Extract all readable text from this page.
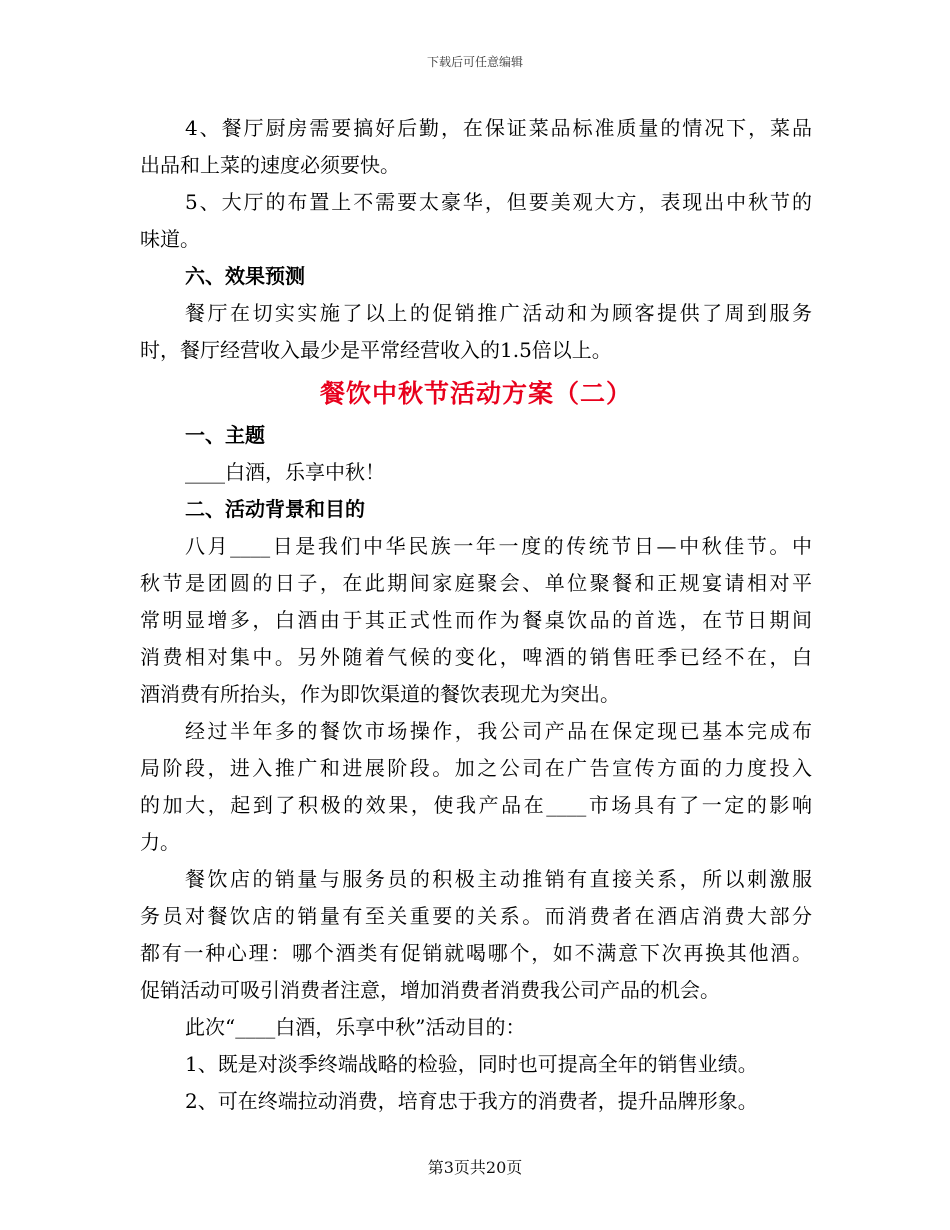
下载后可任意编辑
4、餐厅厨房需要搞好后勤，在保证菜品标准质量的情况下，菜品
出品和上菜的速度必须要快。
5、大厅的布置上不需要太豪华，但要美观大方，表现出中秋节的
味道。
六、效果预测
餐厅在切实实施了以上的促销推广活动和为顾客提供了周到服务
时，餐厅经营收入最少是平常经营收入的1.5倍以上。
餐饮中秋节活动方案（二）
一、主题
____白酒，乐享中秋！
二、活动背景和目的
八月____日是我们中华民族一年一度的传统节日—中秋佳节。中
秋节是团圆的日子，在此期间家庭聚会、单位聚餐和正规宴请相对平
常明显增多，白酒由于其正式性而作为餐桌饮品的首选，在节日期间
消费相对集中。另外随着气候的变化，啤酒的销售旺季已经不在，白
酒消费有所抬头，作为即饮渠道的餐饮表现尤为突出。
经过半年多的餐饮市场操作，我公司产品在保定现已基本完成布
局阶段，进入推广和进展阶段。加之公司在广告宣传方面的力度投入
的加大，起到了积极的效果，使我产品在____市场具有了一定的影响
力。
餐饮店的销量与服务员的积极主动推销有直接关系，所以刺激服
务员对餐饮店的销量有至关重要的关系。而消费者在酒店消费大部分
都有一种心理：哪个酒类有促销就喝哪个，如不满意下次再换其他酒。
促销活动可吸引消费者注意，增加消费者消费我公司产品的机会。
此次“____白酒，乐享中秋”活动目的：
1、既是对淡季终端战略的检验，同时也可提高全年的销售业绩。
2、可在终端拉动消费，培育忠于我方的消费者，提升品牌形象。
第3页共20页
